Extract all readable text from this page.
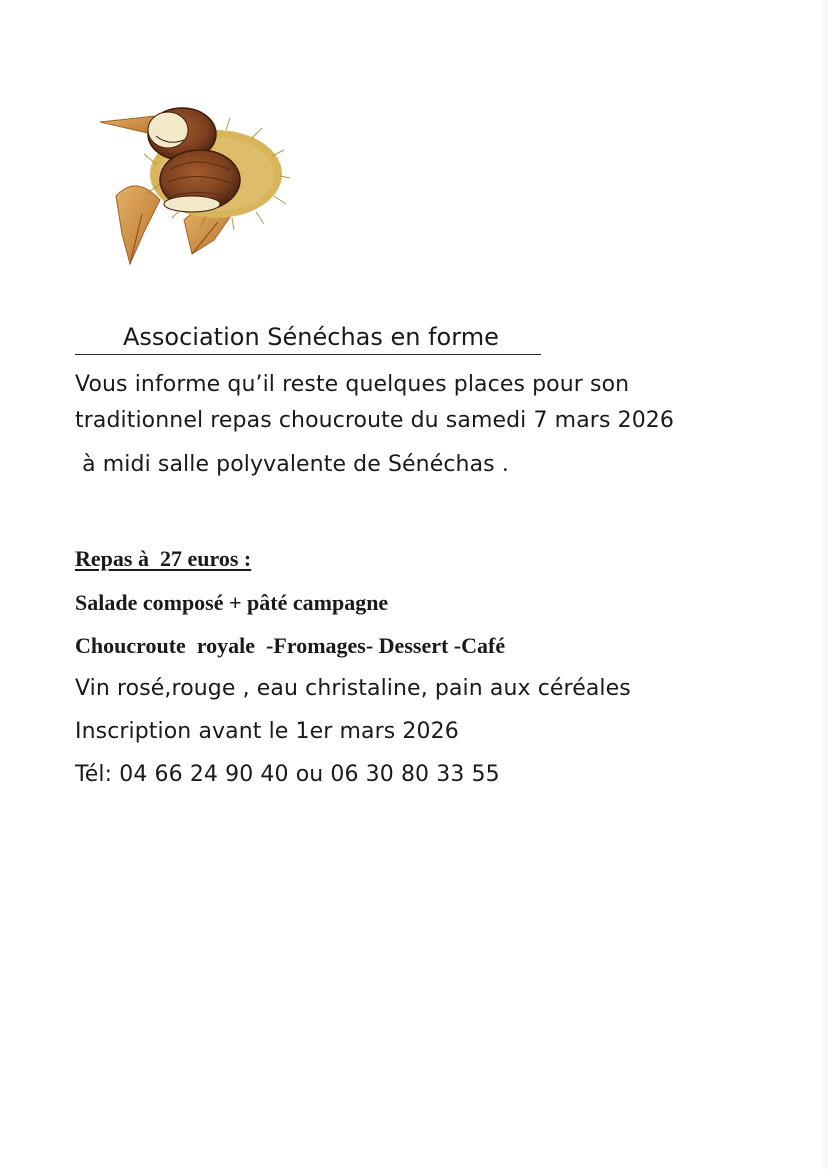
Association Sénéchas en forme

Vous informe qu’il reste quelques places pour son

traditionnel repas choucroute du samedi 7 mars 2026

à midi salle polyvalente de Sénéchas .

Repas à  27 euros :

Salade composé + pâté campagne

Choucroute  royale  -Fromages- Dessert -Café

Vin rosé,rouge , eau christaline, pain aux céréales

Inscription avant le 1er mars 2026

Tél: 04 66 24 90 40 ou 06 30 80 33 55
